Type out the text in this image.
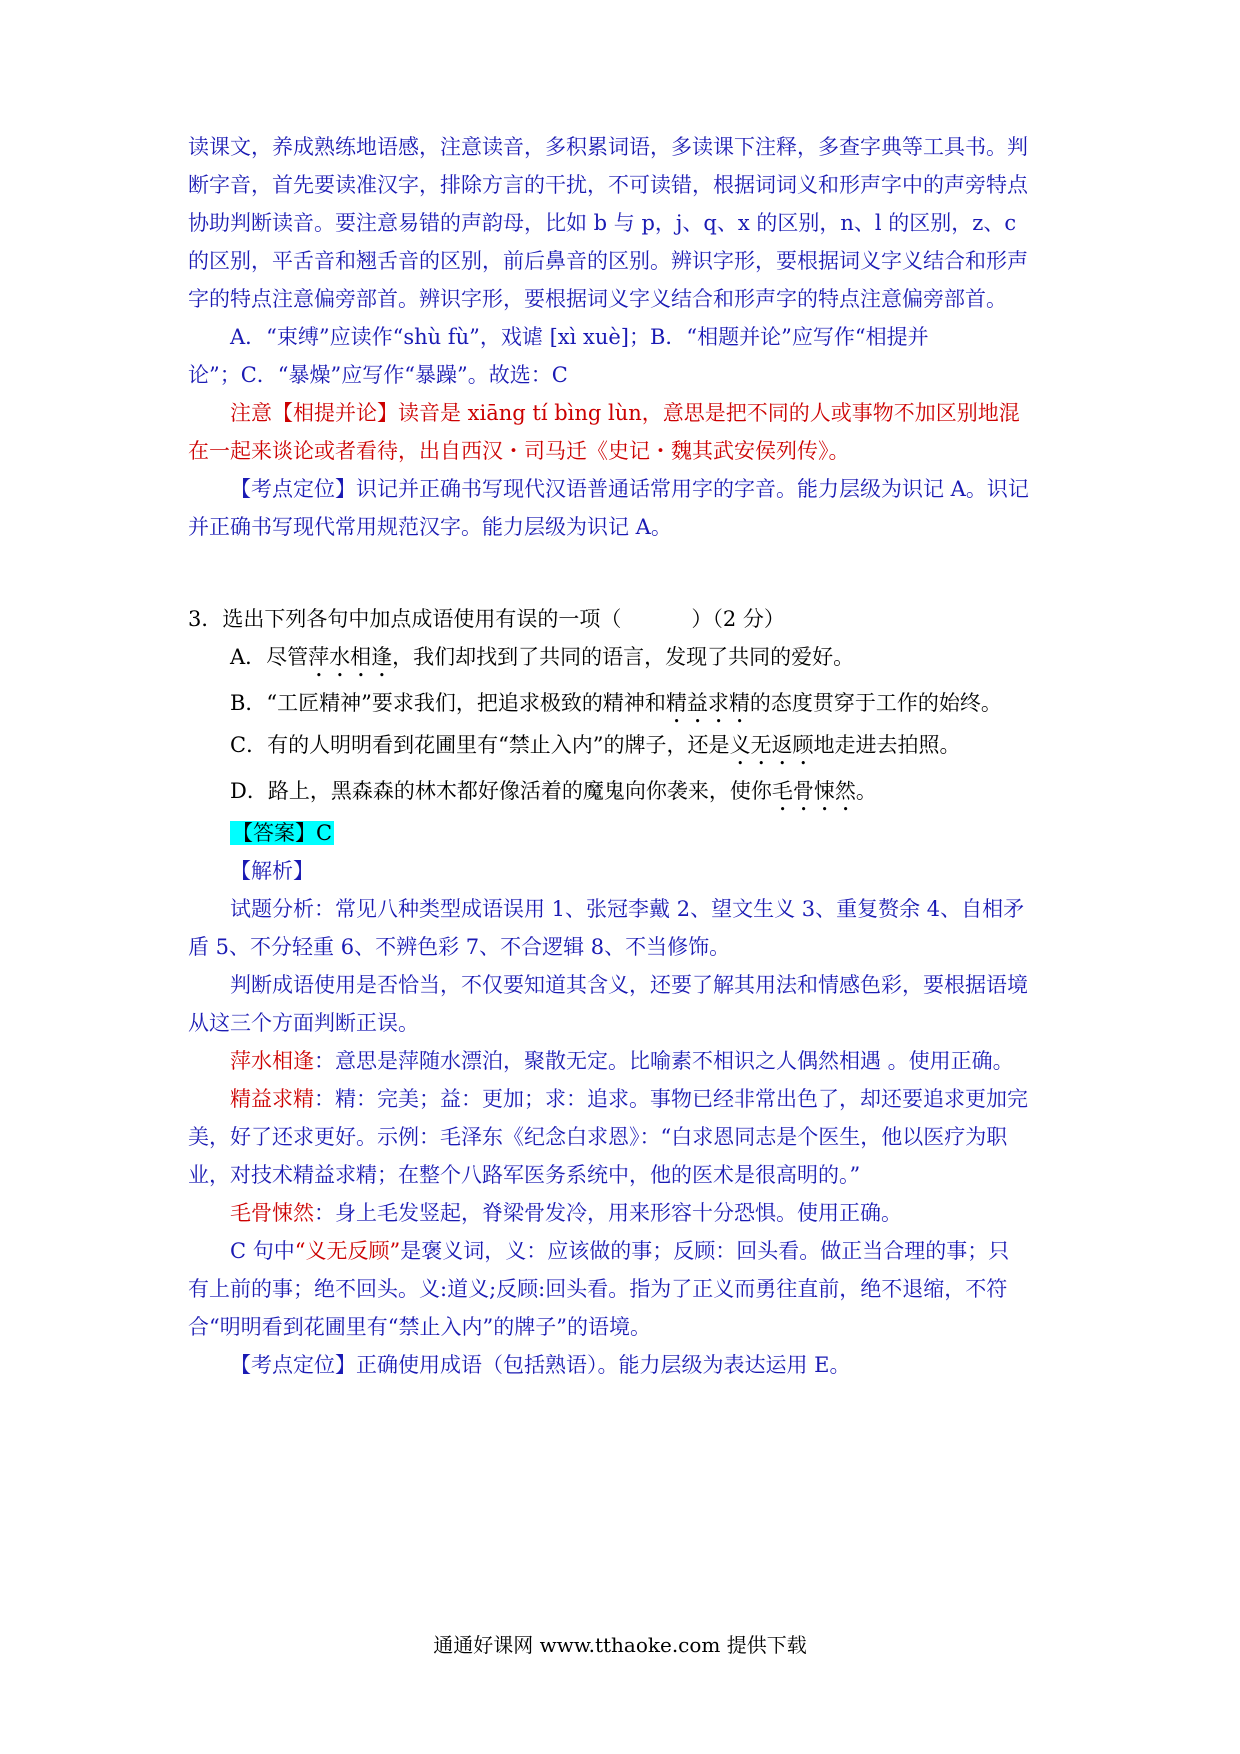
读课文，养成熟练地语感，注意读音，多积累词语，多读课下注释，多查字典等工具书。判
断字音，首先要读准汉字，排除方言的干扰，不可读错，根据词词义和形声字中的声旁特点
协助判断读音。要注意易错的声韵母，比如 b 与 p，j、q、x 的区别，n、l 的区别，z、c
的区别，平舌音和翘舌音的区别，前后鼻音的区别。辨识字形，要根据词义字义结合和形声
字的特点注意偏旁部首。辨识字形，要根据词义字义结合和形声字的特点注意偏旁部首。
A．“束缚”应读作“shù fù”，戏谑 [xì xuè]；B．“相题并论”应写作“相提并
论”；C．“暴燥”应写作“暴躁”。故选：C
注意【相提并论】读音是 xiāng tí bìng lùn，意思是把不同的人或事物不加区别地混
在一起来谈论或者看待，出自西汉・司马迁《史记・魏其武安侯列传》。
【考点定位】识记并正确书写现代汉语普通话常用字的字音。能力层级为识记 A。识记
并正确书写现代常用规范汉字。能力层级为识记 A。
3．选出下列各句中加点成语使用有误的一项（	）（2 分）
A．尽管萍水相逢，我们却找到了共同的语言，发现了共同的爱好。
B．“工匠精神”要求我们，把追求极致的精神和精益求精的态度贯穿于工作的始终。
C．有的人明明看到花圃里有“禁止入内”的牌子，还是义无返顾地走进去拍照。
D．路上，黑森森的林木都好像活着的魔鬼向你袭来，使你毛骨悚然。
【答案】C
【解析】
试题分析：常见八种类型成语误用 1、张冠李戴 2、望文生义 3、重复赘余 4、自相矛
盾 5、不分轻重 6、不辨色彩 7、不合逻辑 8、不当修饰。
判断成语使用是否恰当，不仅要知道其含义，还要了解其用法和情感色彩，要根据语境
从这三个方面判断正误。
萍水相逢：意思是萍随水漂泊，聚散无定。比喻素不相识之人偶然相遇 。使用正确。
精益求精：精：完美；益：更加；求：追求。事物已经非常出色了，却还要追求更加完
美，好了还求更好。示例：毛泽东《纪念白求恩》：“白求恩同志是个医生，他以医疗为职
业，对技术精益求精；在整个八路军医务系统中，他的医术是很高明的。”
毛骨悚然：身上毛发竖起，脊梁骨发冷，用来形容十分恐惧。使用正确。
C 句中“义无反顾”是褒义词，义：应该做的事；反顾：回头看。做正当合理的事；只
有上前的事；绝不回头。义:道义;反顾:回头看。指为了正义而勇往直前，绝不退缩，不符
合“明明看到花圃里有“禁止入内”的牌子”的语境。
【考点定位】正确使用成语（包括熟语）。能力层级为表达运用 E。
通通好课网 www.tthaoke.com 提供下载
